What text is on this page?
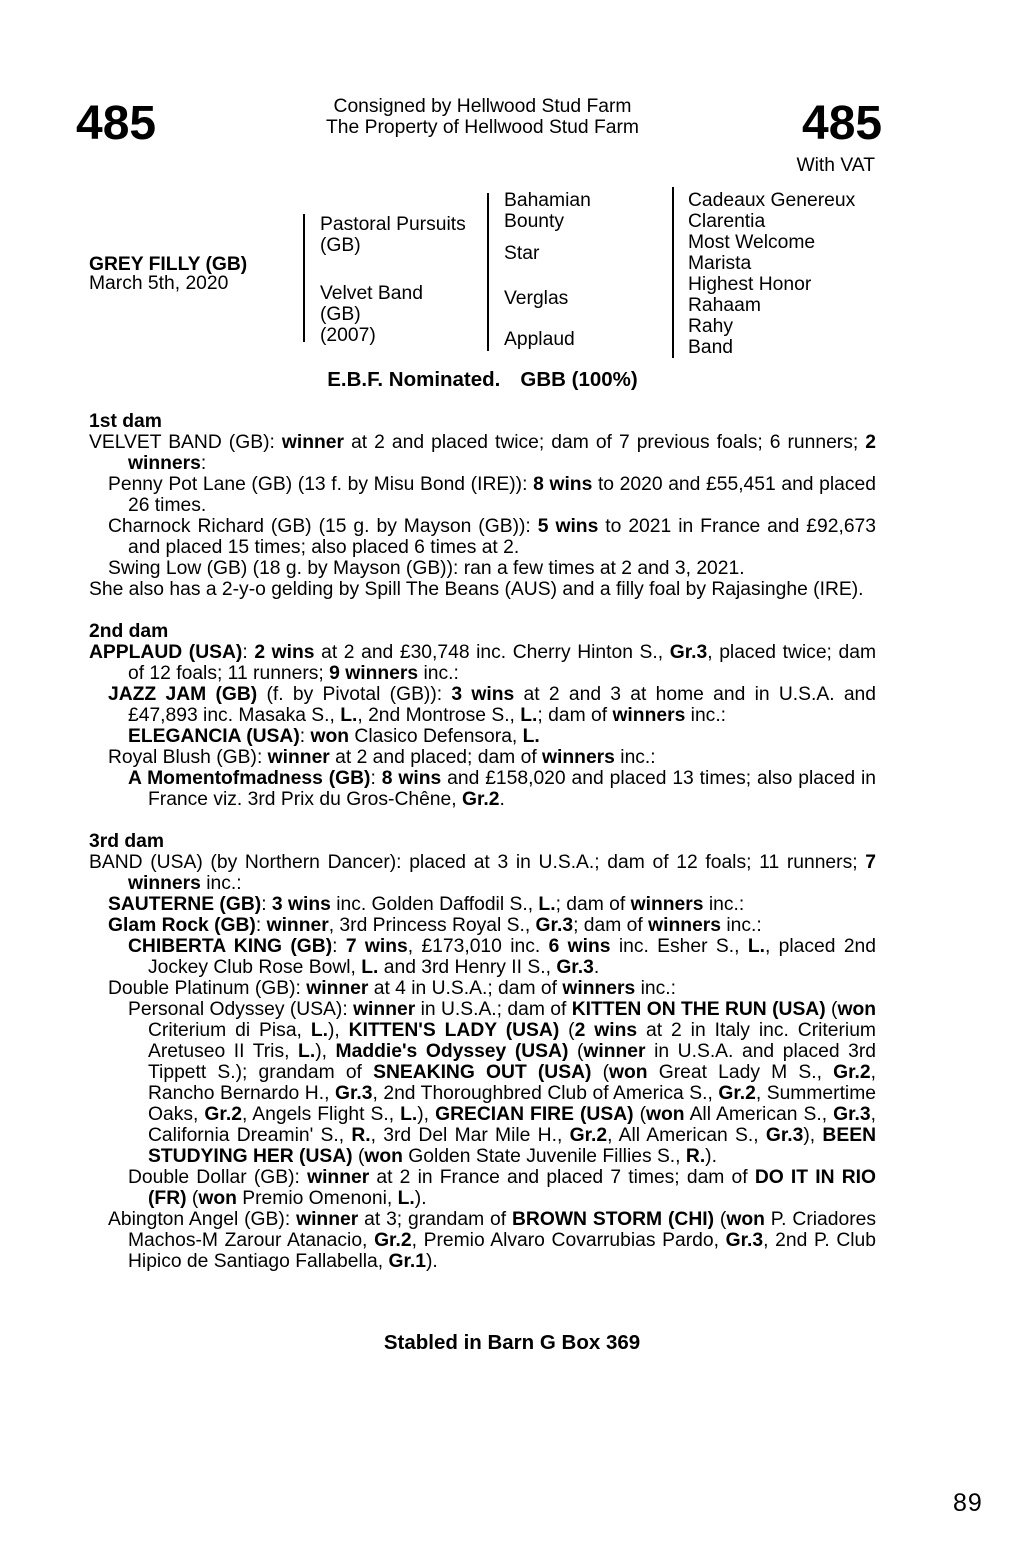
485	485
Consigned by Hellwood Stud Farm
The Property of Hellwood Stud Farm
With VAT
GREY FILLY (GB)
March 5th, 2020
Pastoral Pursuits
(GB)
Velvet Band
(GB)
(2007)
Bahamian
Bounty
Star
Verglas
Applaud
Cadeaux Genereux
Clarentia
Most Welcome
Marista
Highest Honor
Rahaam
Rahy
Band
E.B.F. Nominated. GBB (100%)
1st dam

VELVET BAND (GB): winner at 2 and placed twice; dam of 7 previous foals; 6 runners; 2 winners:

Penny Pot Lane (GB) (13 f. by Misu Bond (IRE)): 8 wins to 2020 and £55,451 and placed 26 times.

Charnock Richard (GB) (15 g. by Mayson (GB)): 5 wins to 2021 in France and £92,673 and placed 15 times; also placed 6 times at 2.

Swing Low (GB) (18 g. by Mayson (GB)): ran a few times at 2 and 3, 2021.

She also has a 2-y-o gelding by Spill The Beans (AUS) and a filly foal by Rajasinghe (IRE).

2nd dam

APPLAUD (USA): 2 wins at 2 and £30,748 inc. Cherry Hinton S., Gr.3, placed twice; dam of 12 foals; 11 runners; 9 winners inc.:

JAZZ JAM (GB) (f. by Pivotal (GB)): 3 wins at 2 and 3 at home and in U.S.A. and £47,893 inc. Masaka S., L., 2nd Montrose S., L.; dam of winners inc.:

ELEGANCIA (USA): won Clasico Defensora, L.

Royal Blush (GB): winner at 2 and placed; dam of winners inc.:

A Momentofmadness (GB): 8 wins and £158,020 and placed 13 times; also placed in France viz. 3rd Prix du Gros-Chêne, Gr.2.

3rd dam

BAND (USA) (by Northern Dancer): placed at 3 in U.S.A.; dam of 12 foals; 11 runners; 7 winners inc.:

SAUTERNE (GB): 3 wins inc. Golden Daffodil S., L.; dam of winners inc.:

Glam Rock (GB): winner, 3rd Princess Royal S., Gr.3; dam of winners inc.:

CHIBERTA KING (GB): 7 wins, £173,010 inc. 6 wins inc. Esher S., L., placed 2nd Jockey Club Rose Bowl, L. and 3rd Henry II S., Gr.3.

Double Platinum (GB): winner at 4 in U.S.A.; dam of winners inc.:

Personal Odyssey (USA): winner in U.S.A.; dam of KITTEN ON THE RUN (USA) (won Criterium di Pisa, L.), KITTEN'S LADY (USA) (2 wins at 2 in Italy inc. Criterium Aretuseo II Tris, L.), Maddie's Odyssey (USA) (winner in U.S.A. and placed 3rd Tippett S.); grandam of SNEAKING OUT (USA) (won Great Lady M S., Gr.2, Rancho Bernardo H., Gr.3, 2nd Thoroughbred Club of America S., Gr.2, Summertime Oaks, Gr.2, Angels Flight S., L.), GRECIAN FIRE (USA) (won All American S., Gr.3, California Dreamin' S., R., 3rd Del Mar Mile H., Gr.2, All American S., Gr.3), BEEN STUDYING HER (USA) (won Golden State Juvenile Fillies S., R.).

Double Dollar (GB): winner at 2 in France and placed 7 times; dam of DO IT IN RIO (FR) (won Premio Omenoni, L.).

Abington Angel (GB): winner at 3; grandam of BROWN STORM (CHI) (won P. Criadores Machos-M Zarour Atanacio, Gr.2, Premio Alvaro Covarrubias Pardo, Gr.3, 2nd P. Club Hipico de Santiago Fallabella, Gr.1).

Stabled in Barn G Box 369
89
